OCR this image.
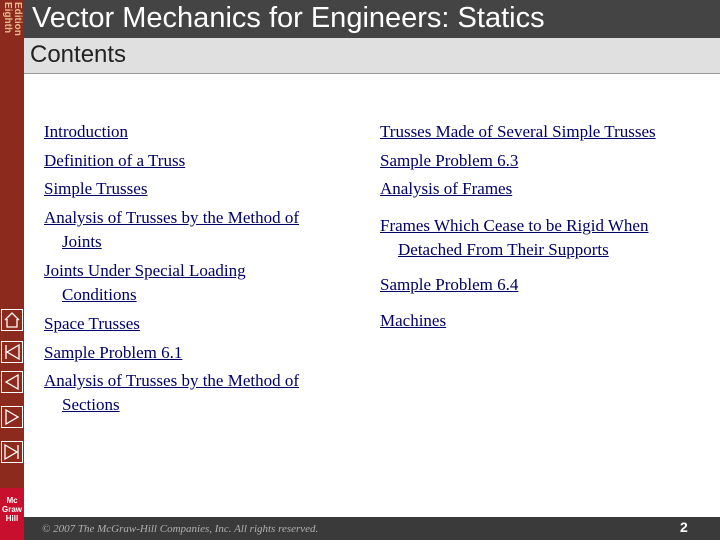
Eighth Edition
Mc Graw Hill
Vector Mechanics for Engineers: Statics
Contents
Introduction
Definition of a Truss
Simple Trusses
Analysis of Trusses by the Method of
Joints
Joints Under Special Loading
Conditions
Space Trusses
Sample Problem 6.1
Analysis of Trusses by the Method of
Sections
Trusses Made of Several Simple Trusses
Sample Problem 6.3
Analysis of Frames
Frames Which Cease to be Rigid When
Detached From Their Supports
Sample Problem 6.4
Machines
© 2007 The McGraw-Hill Companies, Inc. All rights reserved.	2
